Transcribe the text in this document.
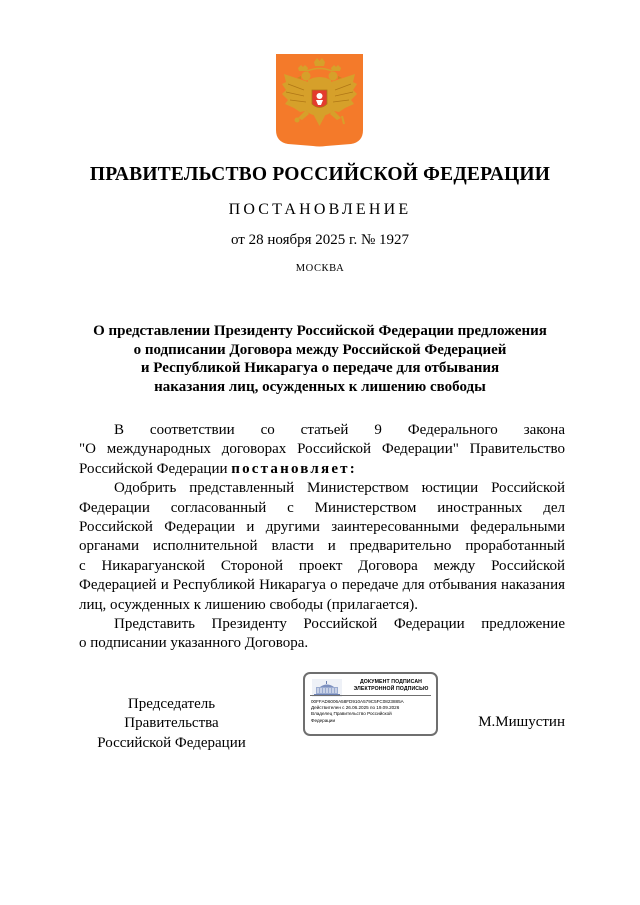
ПРАВИТЕЛЬСТВО РОССИЙСКОЙ ФЕДЕРАЦИИ
ПОСТАНОВЛЕНИЕ
от 28 ноября 2025 г. № 1927
МОСКВА
О представлении Президенту Российской Федерации предложения
о подписании Договора между Российской Федерацией
и Республикой Никарагуа о передаче для отбывания
наказания лиц, осужденных к лишению свободы
В соответствии со статьей 9 Федерального закона
"О международных договорах Российской Федерации" Правительство
Российской Федерации постановляет:
Одобрить представленный Министерством юстиции Российской
Федерации согласованный с Министерством иностранных дел
Российской Федерации и другими заинтересованными федеральными
органами исполнительной власти и предварительно проработанный
с Никарагуанской Стороной проект Договора между Российской
Федерацией и Республикой Никарагуа о передаче для отбывания наказания
лиц, осужденных к лишению свободы (прилагается).
Представить Президенту Российской Федерации предложение
о подписании указанного Договора.
Председатель Правительства
Российской Федерации
ДОКУМЕНТ ПОДПИСАН
ЭЛЕКТРОННОЙ ПОДПИСЬЮ
00FFAD6006A58FD910A579C5FC0823885A
Действителен с 26.06.2025 по 19.09.2026
Владелец Правительство Российской
Федерации	М.Мишустин
